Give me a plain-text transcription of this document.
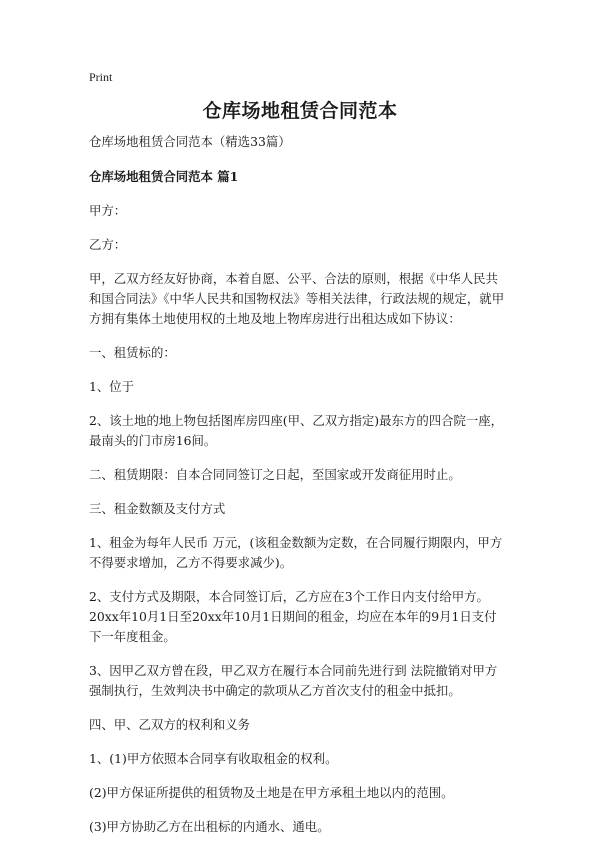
Print
仓库场地租赁合同范本

仓库场地租赁合同范本（精选33篇）

仓库场地租赁合同范本 篇1

甲方：

乙方：

甲，乙双方经友好协商，本着自愿、公平、合法的原则，根据《中华人民共和国合同法》《中华人民共和国物权法》等相关法律，行政法规的规定，就甲方拥有集体土地使用权的土地及地上物库房进行出租达成如下协议：

一、租赁标的：

1、位于

2、该土地的地上物包括图库房四座(甲、乙双方指定)最东方的四合院一座，最南头的门市房16间。

二、租赁期限：自本合同同签订之日起，至国家或开发商征用时止。

三、租金数额及支付方式

1、租金为每年人民币 万元，(该租金数额为定数，在合同履行期限内，甲方不得要求增加，乙方不得要求减少)。

2、支付方式及期限，本合同签订后，乙方应在3个工作日内支付给甲方。20xx年10月1日至20xx年10月1日期间的租金，均应在本年的9月1日支付下一年度租金。

3、因甲乙双方曾在段，甲乙双方在履行本合同前先进行到 法院撤销对甲方强制执行，生效判决书中确定的款项从乙方首次支付的租金中抵扣。

四、甲、乙双方的权利和义务

1、(1)甲方依照本合同享有收取租金的权利。

(2)甲方保证所提供的租赁物及土地是在甲方承租土地以内的范围。

(3)甲方协助乙方在出租标的内通水、通电。
